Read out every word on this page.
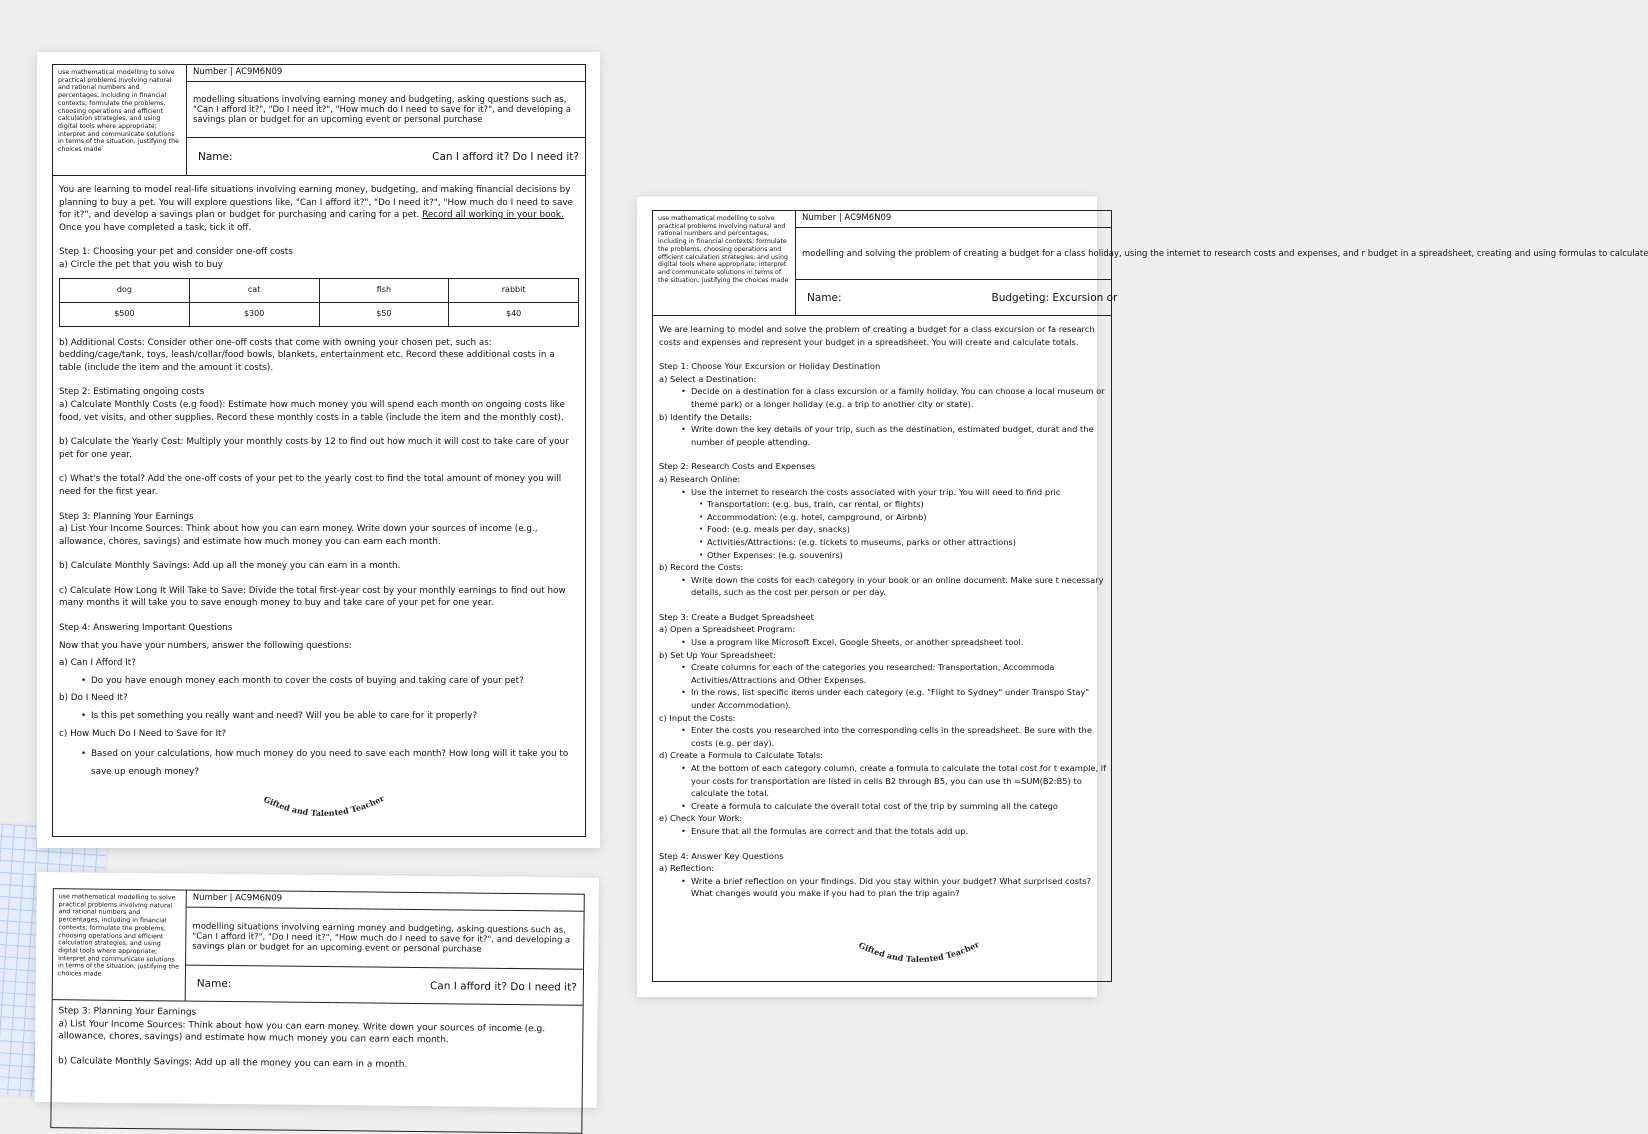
use mathematical modelling to solve practical problems involving natural and rational numbers and percentages, including in financial contexts; formulate the problems, choosing operations and efficient calculation strategies, and using digital tools where appropriate; interpret and communicate solutions in terms of the situation, justifying the choices made
Number | AC9M6N09
modelling and solving the problem of creating a budget for a class holiday, using the internet to research costs and expenses, and r budget in a spreadsheet, creating and using formulas to calculate
Name:	Budgeting: Excursion or

We are learning to model and solve the problem of creating a budget for a class excursion or fa research costs and expenses and represent your budget in a spreadsheet. You will create and calculate totals.

Step 1: Choose Your Excursion or Holiday Destination

a) Select a Destination:

• Decide on a destination for a class excursion or a family holiday. You can choose a local museum or theme park) or a longer holiday (e.g. a trip to another city or state).

b) Identify the Details:

• Write down the key details of your trip, such as the destination, estimated budget, durat and the number of people attending.

Step 2: Research Costs and Expenses

a) Research Online:

• Use the internet to research the costs associated with your trip. You will need to find pric

• Transportation: (e.g. bus, train, car rental, or flights)

• Accommodation: (e.g. hotel, campground, or Airbnb)

• Food: (e.g. meals per day, snacks)

• Activities/Attractions: (e.g. tickets to museums, parks or other attractions)

• Other Expenses: (e.g. souvenirs)

b) Record the Costs:

• Write down the costs for each category in your book or an online document. Make sure t necessary details, such as the cost per person or per day.

Step 3: Create a Budget Spreadsheet

a) Open a Spreadsheet Program:

• Use a program like Microsoft Excel, Google Sheets, or another spreadsheet tool.

b) Set Up Your Spreadsheet:

• Create columns for each of the categories you researched: Transportation, Accommoda Activities/Attractions and Other Expenses.

• In the rows, list specific items under each category (e.g. "Flight to Sydney" under Transpo Stay" under Accommodation).

c) Input the Costs:

• Enter the costs you researched into the corresponding cells in the spreadsheet. Be sure with the costs (e.g. per day).

d) Create a Formula to Calculate Totals:

• At the bottom of each category column, create a formula to calculate the total cost for t example, if your costs for transportation are listed in cells B2 through B5, you can use th =SUM(B2:B5) to calculate the total.

• Create a formula to calculate the overall total cost of the trip by summing all the catego

e) Check Your Work:

• Ensure that all the formulas are correct and that the totals add up.

Step 4: Answer Key Questions

a) Reflection:

• Write a brief reflection on your findings. Did you stay within your budget? What surprised costs? What changes would you make if you had to plan the trip again?

Gifted and Talented Teacher
use mathematical modelling to solve practical problems involving natural and rational numbers and percentages, including in financial contexts; formulate the problems, choosing operations and efficient calculation strategies, and using digital tools where appropriate; interpret and communicate solutions in terms of the situation, justifying the choices made
Number | AC9M6N09
modelling situations involving earning money and budgeting, asking questions such as, "Can I afford it?", "Do I need it?", "How much do I need to save for it?", and developing a savings plan or budget for an upcoming event or personal purchase
Name:	Can I afford it? Do I need it?

Step 3: Planning Your Earnings

a) List Your Income Sources: Think about how you can earn money. Write down your sources of income (e.g. allowance, chores, savings) and estimate how much money you can earn each month.

b) Calculate Monthly Savings: Add up all the money you can earn in a month.

use mathematical modelling to solve practical problems involving natural and rational numbers and percentages, including in financial contexts; formulate the problems, choosing operations and efficient calculation strategies, and using digital tools where appropriate; interpret and communicate solutions in terms of the situation, justifying the choices made
Number | AC9M6N09
modelling situations involving earning money and budgeting, asking questions such as, "Can I afford it?", "Do I need it?", "How much do I need to save for it?", and developing a savings plan or budget for an upcoming event or personal purchase
Name:	Can I afford it? Do I need it?

You are learning to model real-life situations involving earning money, budgeting, and making financial decisions by planning to buy a pet. You will explore questions like, "Can I afford it?", "Do I need it?", "How much do I need to save for it?", and develop a savings plan or budget for purchasing and caring for a pet. Record all working in your book. Once you have completed a task, tick it off.

Step 1: Choosing your pet and consider one-off costs

a) Circle the pet that you wish to buy

dog	cat	fish	rabbit
$500	$300	$50	$40

b) Additional Costs: Consider other one-off costs that come with owning your chosen pet, such as: bedding/cage/tank, toys, leash/collar/food bowls, blankets, entertainment etc. Record these additional costs in a table (include the item and the amount it costs).

Step 2: Estimating ongoing costs

a) Calculate Monthly Costs (e.g food): Estimate how much money you will spend each month on ongoing costs like food, vet visits, and other supplies. Record these monthly costs in a table (include the item and the monthly cost).

b) Calculate the Yearly Cost: Multiply your monthly costs by 12 to find out how much it will cost to take care of your pet for one year.

c) What's the total? Add the one-off costs of your pet to the yearly cost to find the total amount of money you will need for the first year.

Step 3: Planning Your Earnings

a) List Your Income Sources: Think about how you can earn money. Write down your sources of income (e.g., allowance, chores, savings) and estimate how much money you can earn each month.

b) Calculate Monthly Savings: Add up all the money you can earn in a month.

c) Calculate How Long It Will Take to Save: Divide the total first-year cost by your monthly earnings to find out how many months it will take you to save enough money to buy and take care of your pet for one year.

Step 4: Answering Important Questions

Now that you have your numbers, answer the following questions:

a) Can I Afford It?

• Do you have enough money each month to cover the costs of buying and taking care of your pet?

b) Do I Need It?

• Is this pet something you really want and need? Will you be able to care for it properly?

c) How Much Do I Need to Save for It?

• Based on your calculations, how much money do you need to save each month? How long will it take you to save up enough money?

Gifted and Talented Teacher
